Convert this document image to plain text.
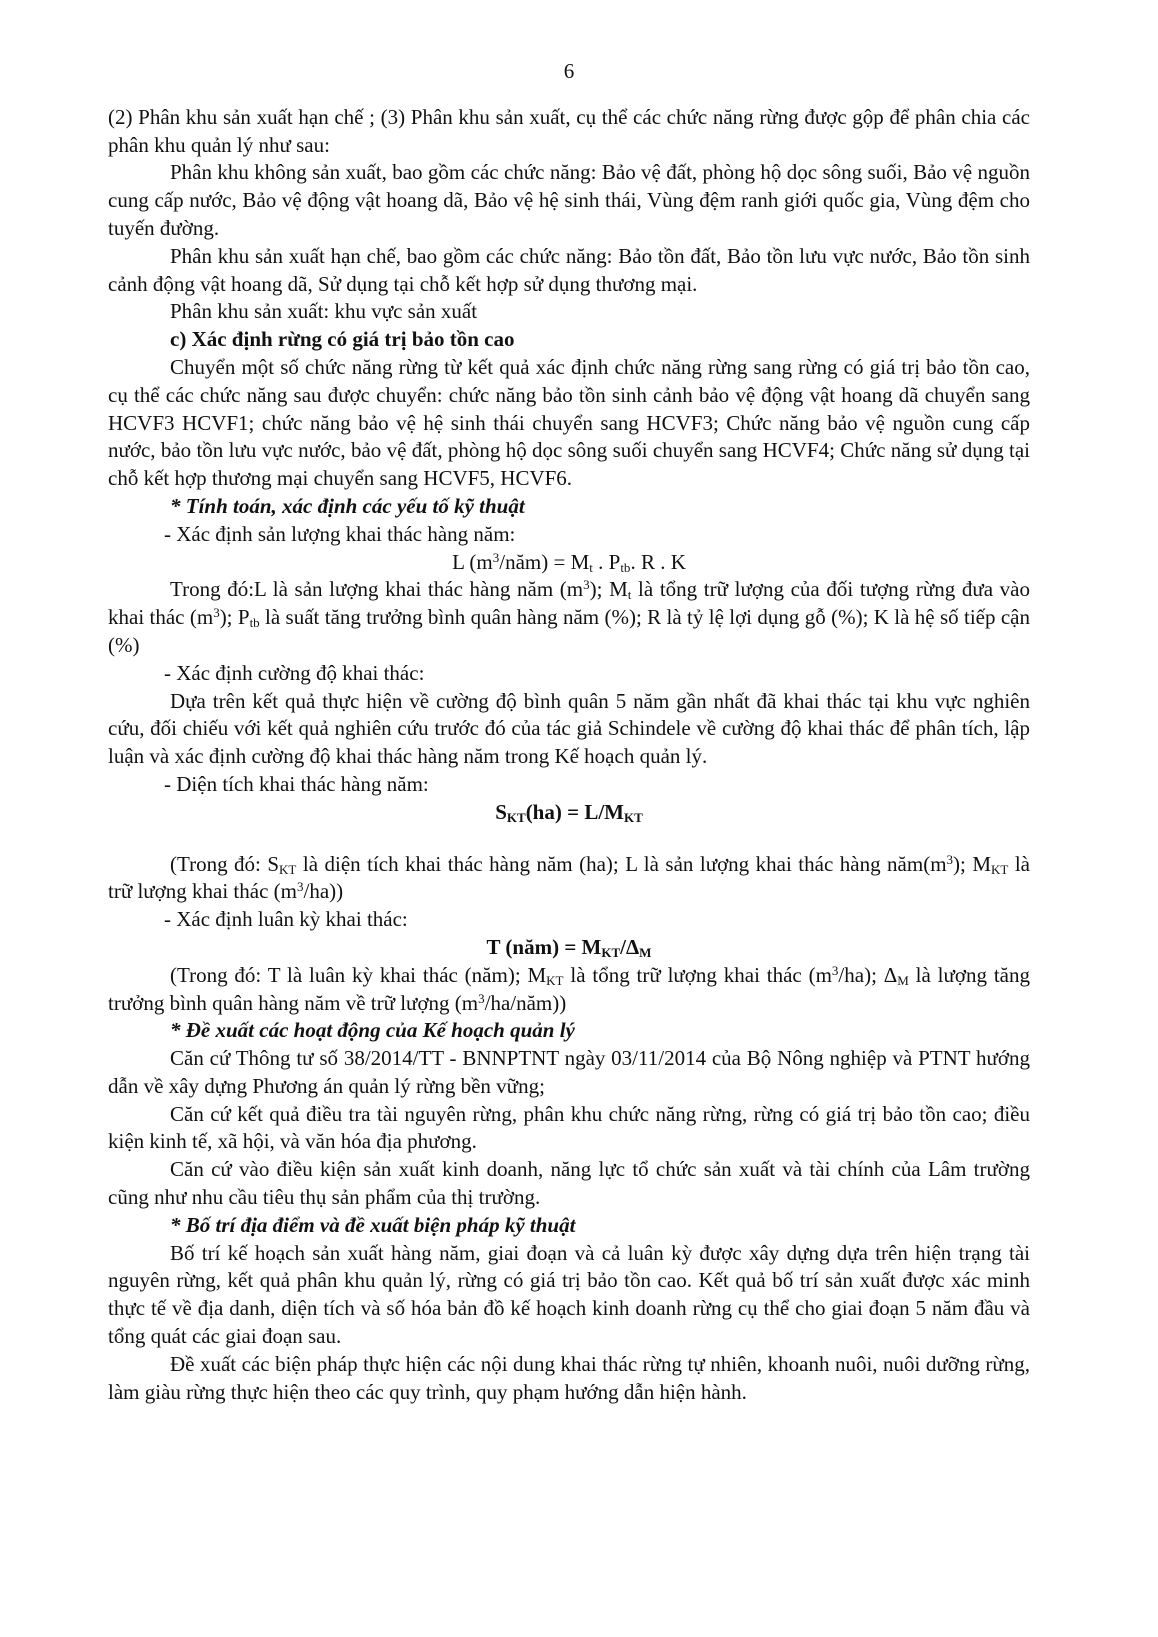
6

(2) Phân khu sản xuất hạn chế ; (3) Phân khu sản xuất, cụ thể các chức năng rừng được gộp để phân chia các phân khu quản lý như sau:

Phân khu không sản xuất, bao gồm các chức năng: Bảo vệ đất, phòng hộ dọc sông suối, Bảo vệ nguồn cung cấp nước, Bảo vệ động vật hoang dã, Bảo vệ hệ sinh thái, Vùng đệm ranh giới quốc gia, Vùng đệm cho tuyến đường.

Phân khu sản xuất hạn chế, bao gồm các chức năng: Bảo tồn đất, Bảo tồn lưu vực nước, Bảo tồn sinh cảnh động vật hoang dã, Sử dụng tại chỗ kết hợp sử dụng thương mại.

Phân khu sản xuất: khu vực sản xuất

c) Xác định rừng có giá trị bảo tồn cao

Chuyển một số chức năng rừng từ kết quả xác định chức năng rừng sang rừng có giá trị bảo tồn cao, cụ thể các chức năng sau được chuyển: chức năng bảo tồn sinh cảnh bảo vệ động vật hoang dã chuyển sang HCVF3 HCVF1; chức năng bảo vệ hệ sinh thái chuyển sang HCVF3; Chức năng bảo vệ nguồn cung cấp nước, bảo tồn lưu vực nước, bảo vệ đất, phòng hộ dọc sông suối chuyển sang HCVF4; Chức năng sử dụng tại chỗ kết hợp thương mại chuyển sang HCVF5, HCVF6.

* Tính toán, xác định các yếu tố kỹ thuật

- Xác định sản lượng khai thác hàng năm:

L $(m^3/năm) = M_t$ . $P_{tb}$. R . K

Trong đó:L là sản lượng khai thác hàng năm $(m^3)$; $M_t$ là tổng trữ lượng của đối tượng rừng đưa vào khai thác $(m^3)$; $P_{tb}$ là suất tăng trưởng bình quân hàng năm (%); R là tỷ lệ lợi dụng gỗ (%); K là hệ số tiếp cận (%)

- Xác định cường độ khai thác:

Dựa trên kết quả thực hiện về cường độ bình quân 5 năm gần nhất đã khai thác tại khu vực nghiên cứu, đối chiếu với kết quả nghiên cứu trước đó của tác giả Schindele về cường độ khai thác để phân tích, lập luận và xác định cường độ khai thác hàng năm trong Kế hoạch quản lý.

- Diện tích khai thác hàng năm:

$S_{KT}(ha) = L/M_{KT}$

(Trong đó: $S_{KT}$ là diện tích khai thác hàng năm (ha); L là sản lượng khai thác hàng $năm(m^3)$; $M_{KT}$ là trữ lượng khai thác $(m^3/ha)$)

- Xác định luân kỳ khai thác:

T (năm) = $M_{KT}/\Delta_M$

(Trong đó: T là luân kỳ khai thác (năm); $M_{KT}$ là tổng trữ lượng khai thác $(m^3/ha)$; $\Delta_M$ là lượng tăng trưởng bình quân hàng năm về trữ lượng $(m^3/ha/năm)$)

* Đề xuất các hoạt động của Kế hoạch quản lý

Căn cứ Thông tư số 38/2014/TT - BNNPTNT ngày 03/11/2014 của Bộ Nông nghiệp và PTNT hướng dẫn về xây dựng Phương án quản lý rừng bền vững;

Căn cứ kết quả điều tra tài nguyên rừng, phân khu chức năng rừng, rừng có giá trị bảo tồn cao; điều kiện kinh tế, xã hội, và văn hóa địa phương.

Căn cứ vào điều kiện sản xuất kinh doanh, năng lực tổ chức sản xuất và tài chính của Lâm trường cũng như nhu cầu tiêu thụ sản phẩm của thị trường.

* Bố trí địa điểm và đề xuất biện pháp kỹ thuật

Bố trí kế hoạch sản xuất hàng năm, giai đoạn và cả luân kỳ được xây dựng dựa trên hiện trạng tài nguyên rừng, kết quả phân khu quản lý, rừng có giá trị bảo tồn cao. Kết quả bố trí sản xuất được xác minh thực tế về địa danh, diện tích và số hóa bản đồ kế hoạch kinh doanh rừng cụ thể cho giai đoạn 5 năm đầu và tổng quát các giai đoạn sau.

Đề xuất các biện pháp thực hiện các nội dung khai thác rừng tự nhiên, khoanh nuôi, nuôi dưỡng rừng, làm giàu rừng thực hiện theo các quy trình, quy phạm hướng dẫn hiện hành.
